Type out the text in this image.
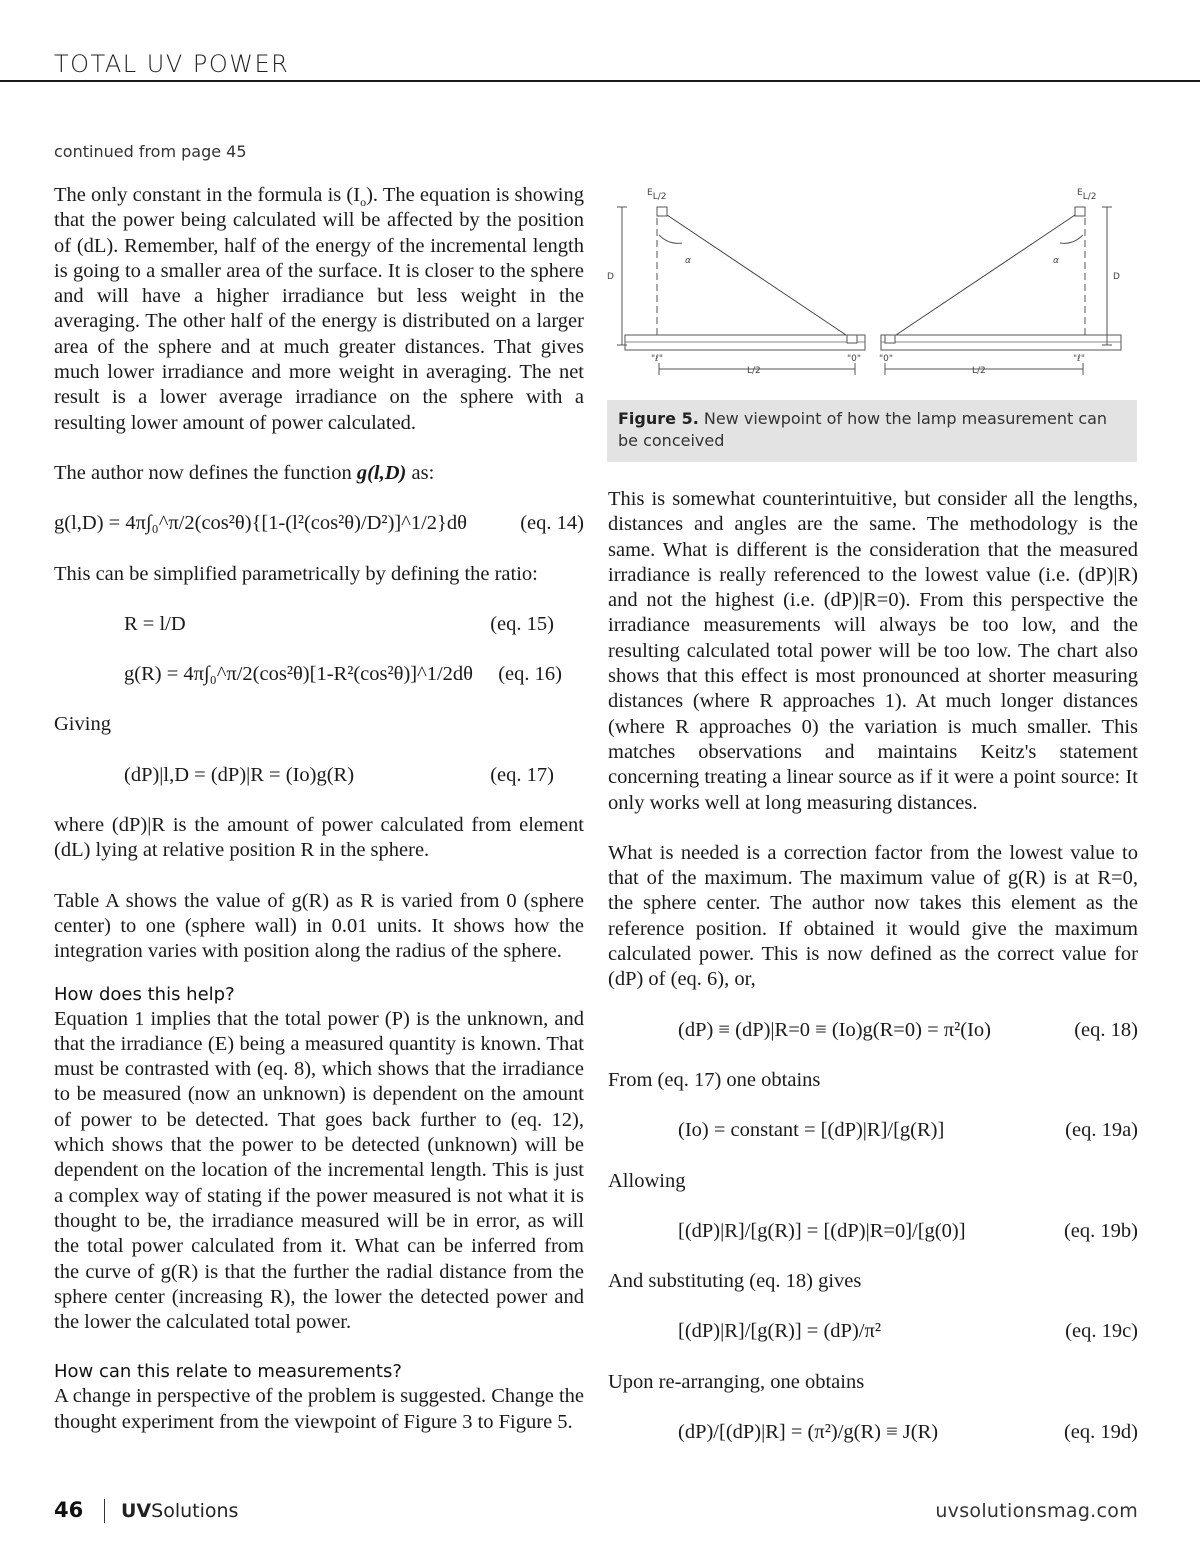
TOTAL UV POWER
continued from page 45

The only constant in the formula is $(I_o)$. The equation is showing that the power being calculated will be affected by the position of (dL). Remember, half of the energy of the incremental length is going to a smaller area of the surface. It is closer to the sphere and will have a higher irradiance but less weight in the averaging. The other half of the energy is distributed on a larger area of the sphere and at much greater distances. That gives much lower irradiance and more weight in averaging. The net result is a lower average irradiance on the sphere with a resulting lower amount of power calculated.

The author now defines the function g(l,D) as:

g(l,D) = 4π∫₀^π/2(cos²θ){[1-(l²(cos²θ)/D²)]^1/2}dθ	(eq. 14)

This can be simplified parametrically by defining the ratio:

R = l/D	(eq. 15)
g(R) = 4π∫₀^π/2(cos²θ)[1-R²(cos²θ)]^1/2dθ (eq. 16)

Giving

(dP)|l,D = (dP)|R = (Io)g(R)	(eq. 17)

where (dP)|R is the amount of power calculated from element (dL) lying at relative position R in the sphere.

Table A shows the value of g(R) as R is varied from 0 (sphere center) to one (sphere wall) in 0.01 units. It shows how the integration varies with position along the radius of the sphere.

How does this help?

Equation 1 implies that the total power (P) is the unknown, and that the irradiance (E) being a measured quantity is known. That must be contrasted with (eq. 8), which shows that the irradiance to be measured (now an unknown) is dependent on the amount of power to be detected. That goes back further to (eq. 12), which shows that the power to be detected (unknown) will be dependent on the location of the incremental length. This is just a complex way of stating if the power measured is not what it is thought to be, the irradiance measured will be in error, as will the total power calculated from it. What can be inferred from the curve of g(R) is that the further the radial distance from the sphere center (increasing R), the lower the detected power and the lower the calculated total power.

How can this relate to measurements?

A change in perspective of the problem is suggested. Change the thought experiment from the viewpoint of Figure 3 to Figure 5.

EL/2	EL/2
D	D
α	α
"ℓ"	"0" "0"	"ℓ"
L/2	L/2
Figure 5. New viewpoint of how the lamp measurement can be conceived

This is somewhat counterintuitive, but consider all the lengths, distances and angles are the same. The methodology is the same. What is different is the consideration that the measured irradiance is really referenced to the lowest value (i.e. (dP)|R) and not the highest (i.e. (dP)|R=0). From this perspective the irradiance measurements will always be too low, and the resulting calculated total power will be too low. The chart also shows that this effect is most pronounced at shorter measuring distances (where R approaches 1). At much longer distances (where R approaches 0) the variation is much smaller. This matches observations and maintains Keitz's statement concerning treating a linear source as if it were a point source: It only works well at long measuring distances.

What is needed is a correction factor from the lowest value to that of the maximum. The maximum value of g(R) is at R=0, the sphere center. The author now takes this element as the reference position. If obtained it would give the maximum calculated power. This is now defined as the correct value for (dP) of (eq. 6), or,

(dP) ≡ (dP)|R=0 ≡ (Io)g(R=0) = π²(Io)	(eq. 18)

From (eq. 17) one obtains

(Io) = constant = [(dP)|R]/[g(R)]	(eq. 19a)

Allowing

[(dP)|R]/[g(R)] = [(dP)|R=0]/[g(0)]	(eq. 19b)

And substituting (eq. 18) gives

[(dP)|R]/[g(R)] = (dP)/π²	(eq. 19c)

Upon re-arranging, one obtains

(dP)/[(dP)|R] = (π²)/g(R) ≡ J(R)	(eq. 19d)
46 UVSolutions	uvsolutionsmag.com
